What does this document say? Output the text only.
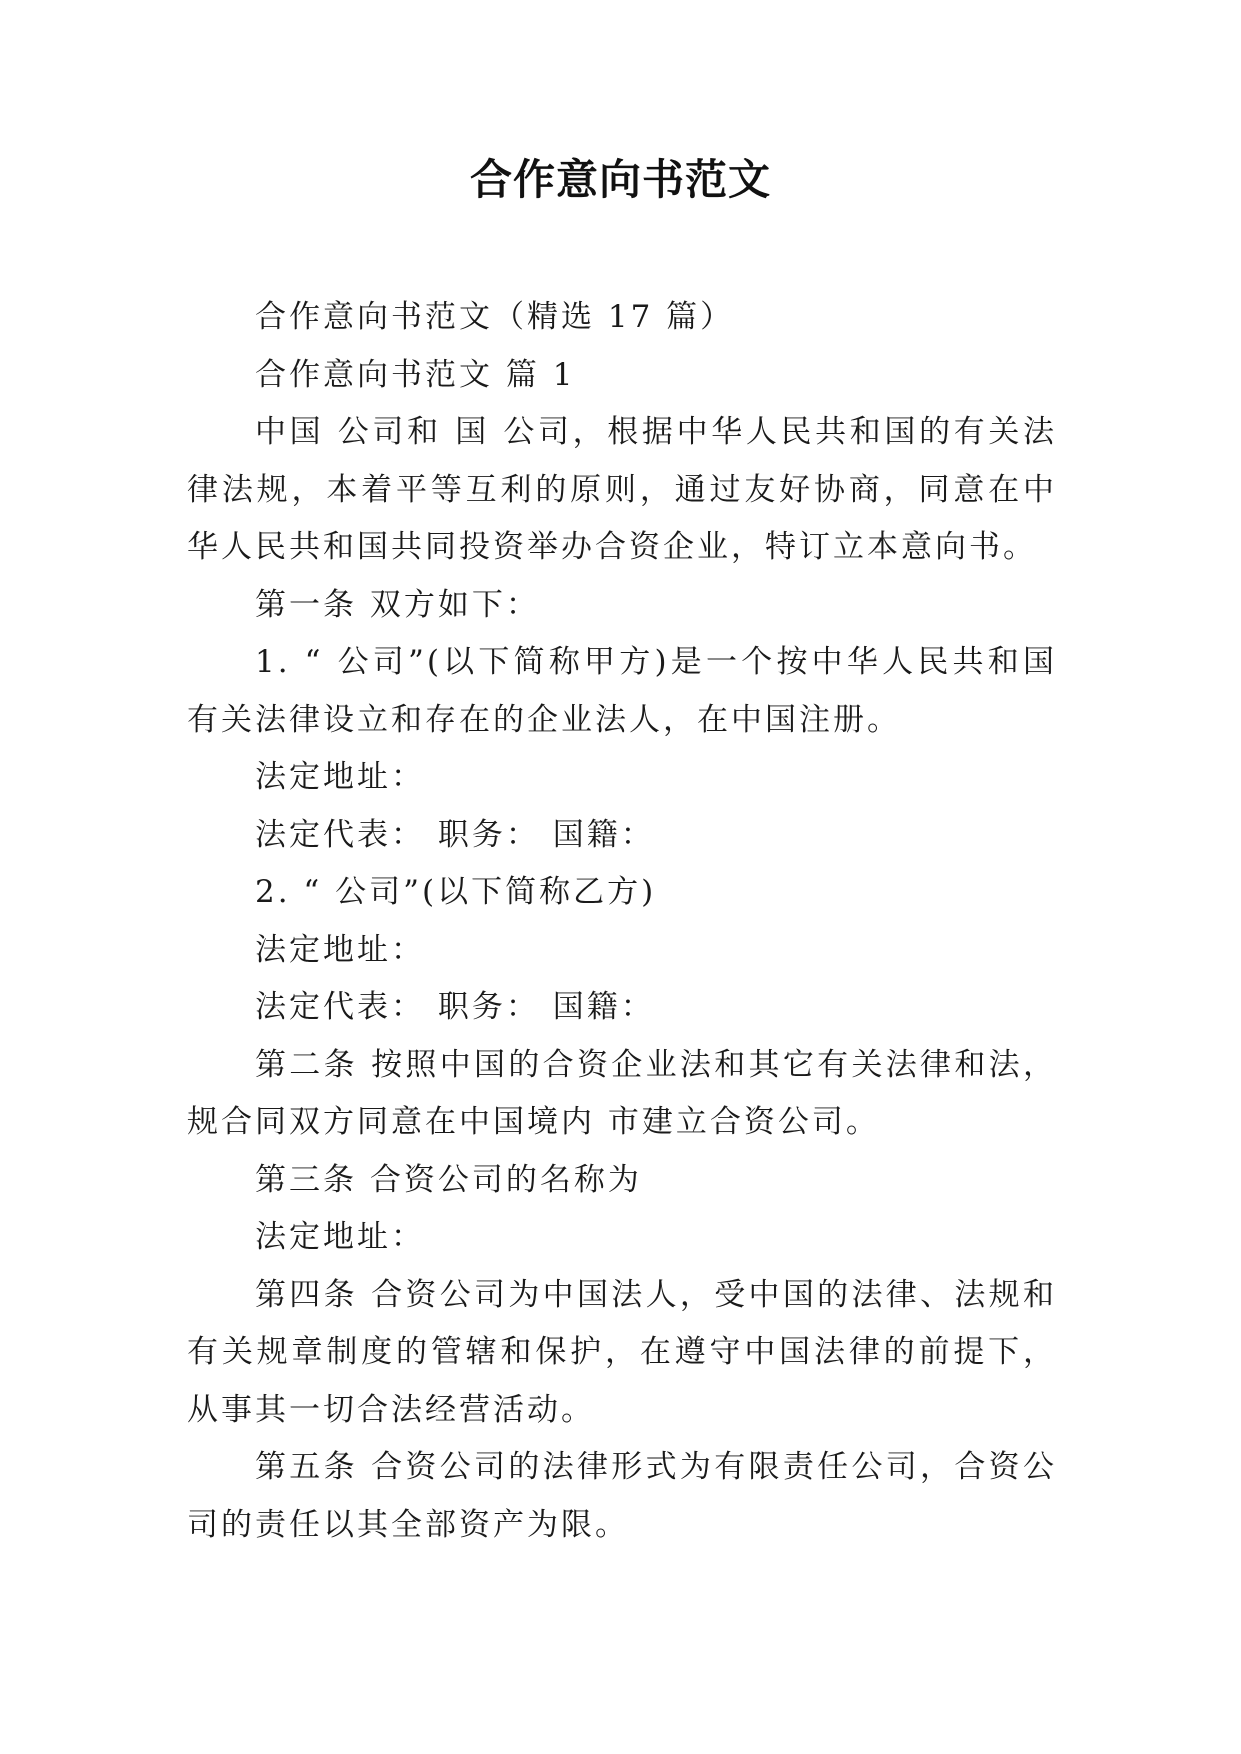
合作意向书范文

合作意向书范文（精选 17 篇）

合作意向书范文 篇 1

中国 公司和 国 公司，根据中华人民共和国的有关法律法规，本着平等互利的原则，通过友好协商，同意在中华人民共和国共同投资举办合资企业，特订立本意向书。

第一条 双方如下：

1. “ 公司”(以下简称甲方)是一个按中华人民共和国有关法律设立和存在的企业法人，在中国注册。

法定地址：

法定代表： 职务： 国籍：

2. “ 公司”(以下简称乙方)

法定地址：

法定代表： 职务： 国籍：

第二条 按照中国的合资企业法和其它有关法律和法，规合同双方同意在中国境内 市建立合资公司。

第三条 合资公司的名称为

法定地址：

第四条 合资公司为中国法人，受中国的法律、法规和有关规章制度的管辖和保护，在遵守中国法律的前提下，从事其一切合法经营活动。

第五条 合资公司的法律形式为有限责任公司，合资公司的责任以其全部资产为限。
